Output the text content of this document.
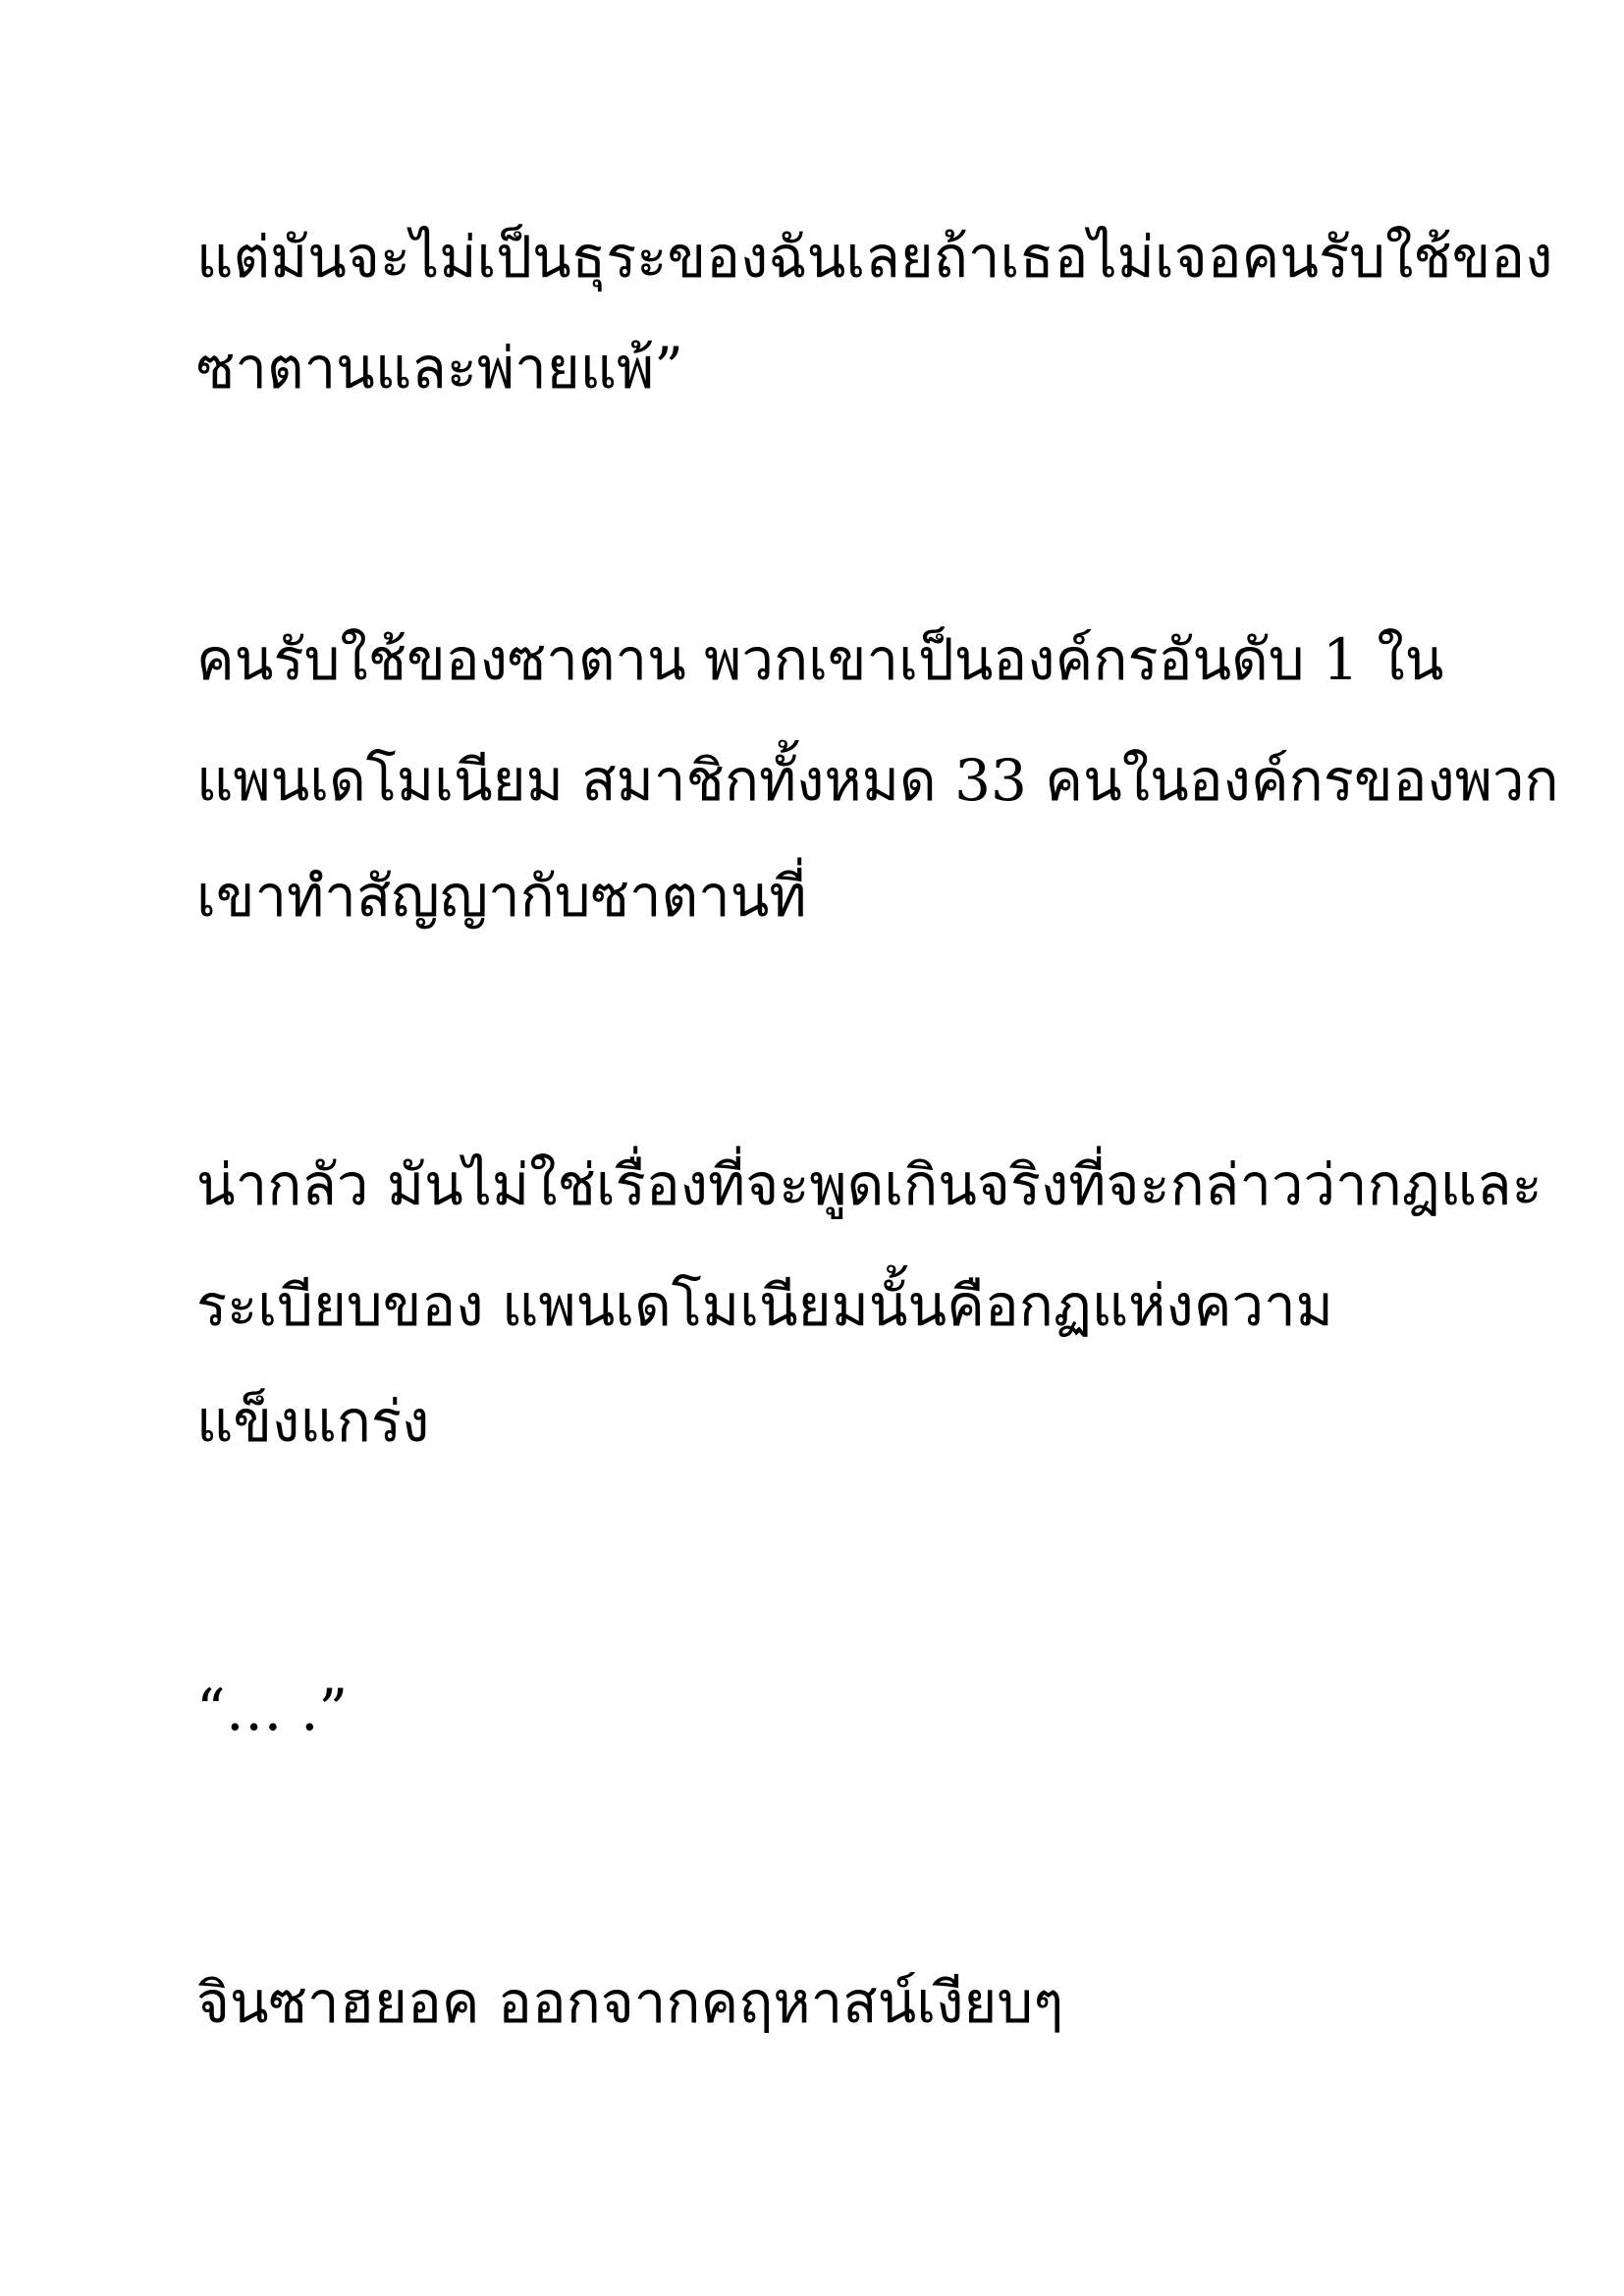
แต่มันจะไม่เป็นธุระของฉันเลยถ้าเธอไม่เจอคนรับใช้ของ
ซาตานและพ่ายแพ้”
คนรับใช้ของซาตาน พวกเขาเป็นองค์กรอันดับ 1 ใน
แพนเดโมเนียม สมาชิกทั้งหมด 33 คนในองค์กรของพวก
เขาทำสัญญากับซาตานที่
น่ากลัว มันไม่ใช่เรื่องที่จะพูดเกินจริงที่จะกล่าวว่ากฎและ
ระเบียบของ แพนเดโมเนียมนั้นคือกฏแห่งความ
แข็งแกร่ง
“… .”
จินซาฮยอค ออกจากคฤหาสน์เงียบๆ
